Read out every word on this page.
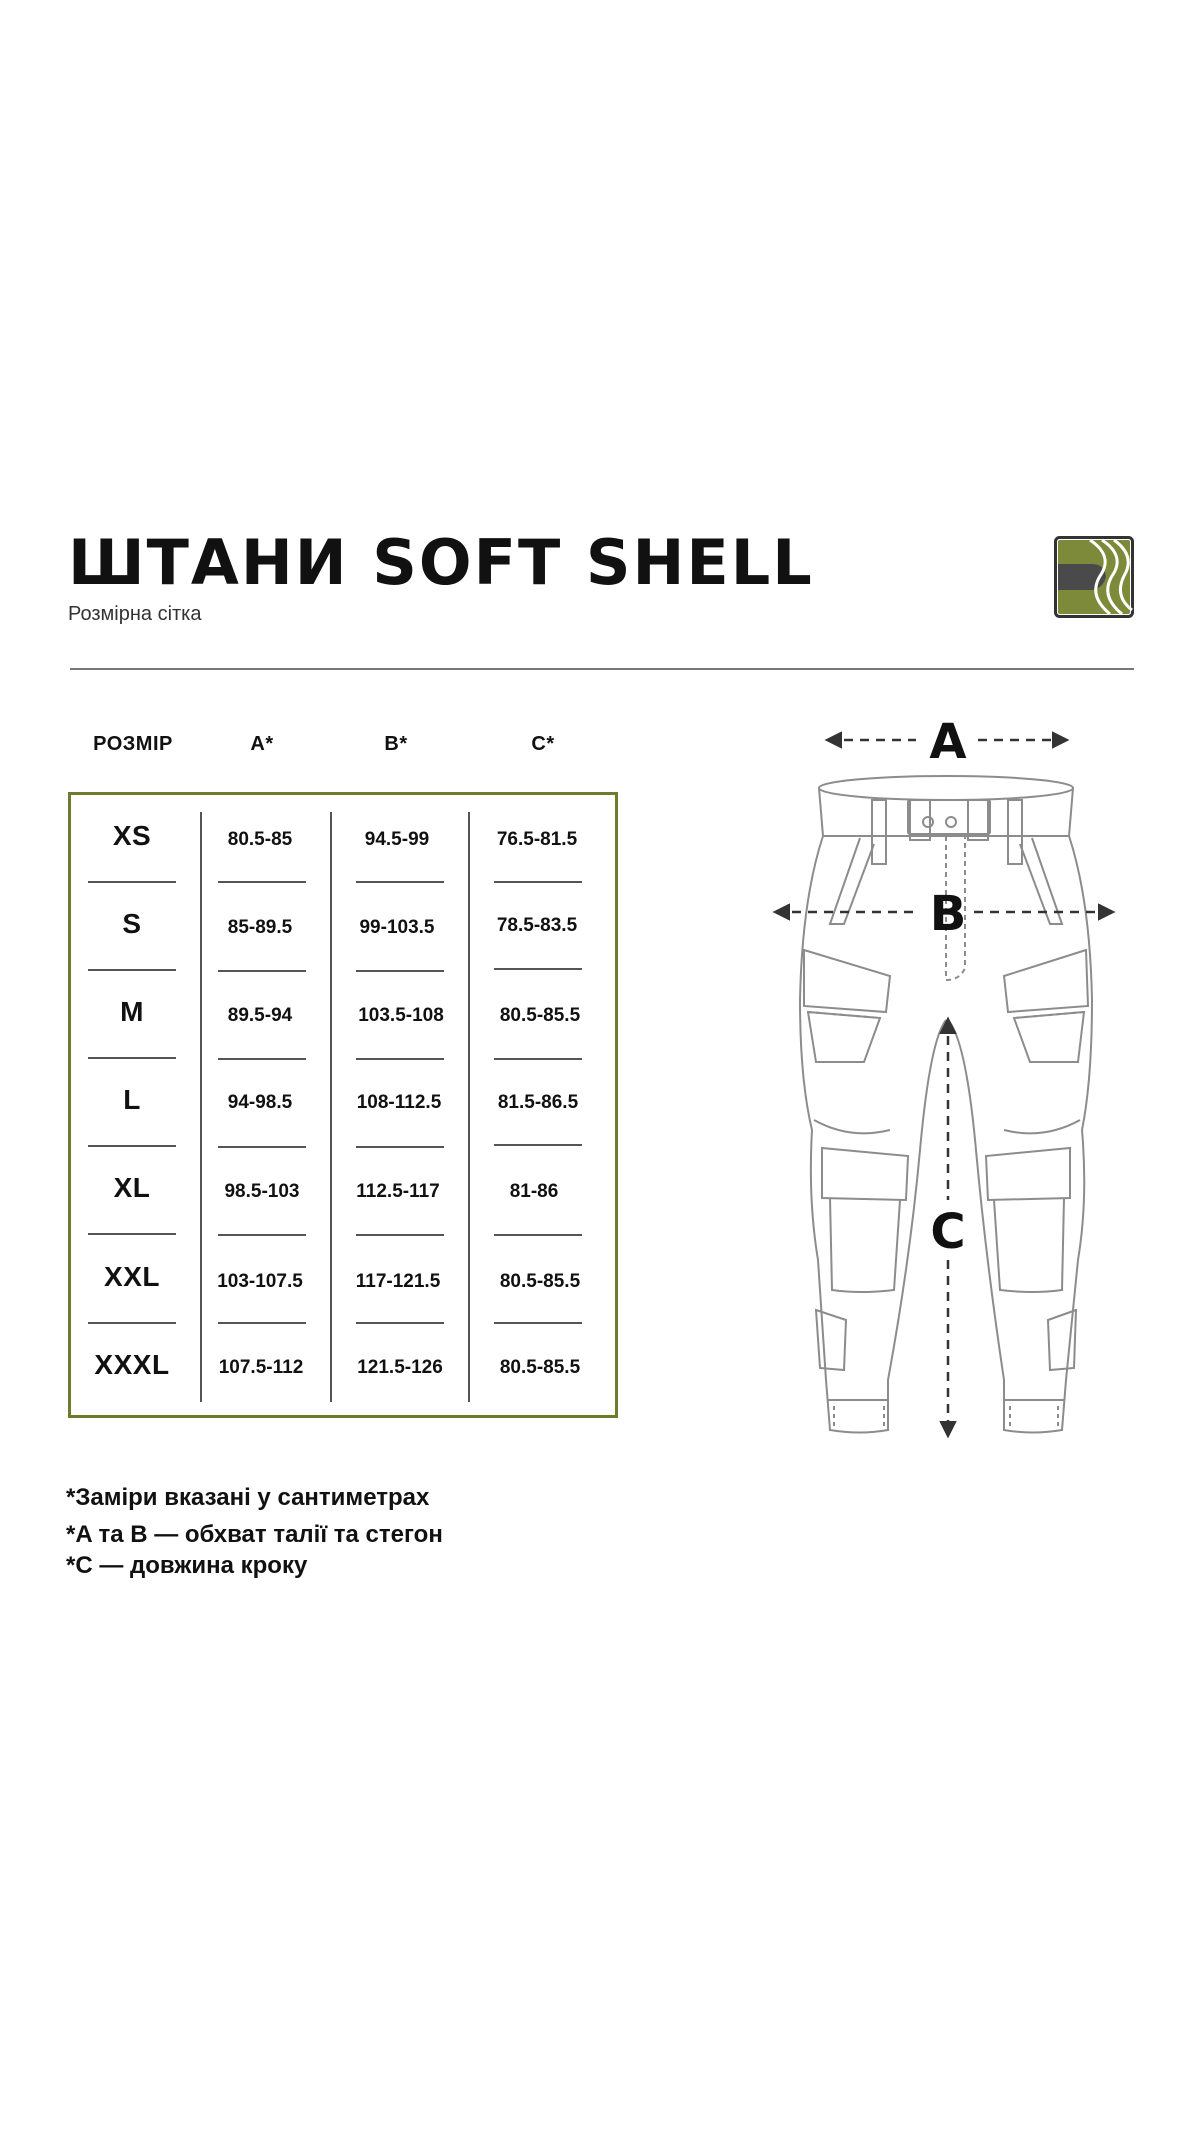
ШТАНИ SOFT SHELL
Розмірна сітка
РОЗМІР	A*	B*	C*
XS	80.5-85	94.5-99	76.5-81.5
S	85-89.5	99-103.5	78.5-83.5
M	89.5-94	103.5-108	80.5-85.5
L	94-98.5	108-112.5	81.5-86.5
XL	98.5-103	112.5-117	81-86
XXL	103-107.5	117-121.5	80.5-85.5
XXXL	107.5-112	121.5-126	80.5-85.5
*Заміри вказані у сантиметрах
*A та B — обхват талії та стегон
*C — довжина кроку
A
B
C
